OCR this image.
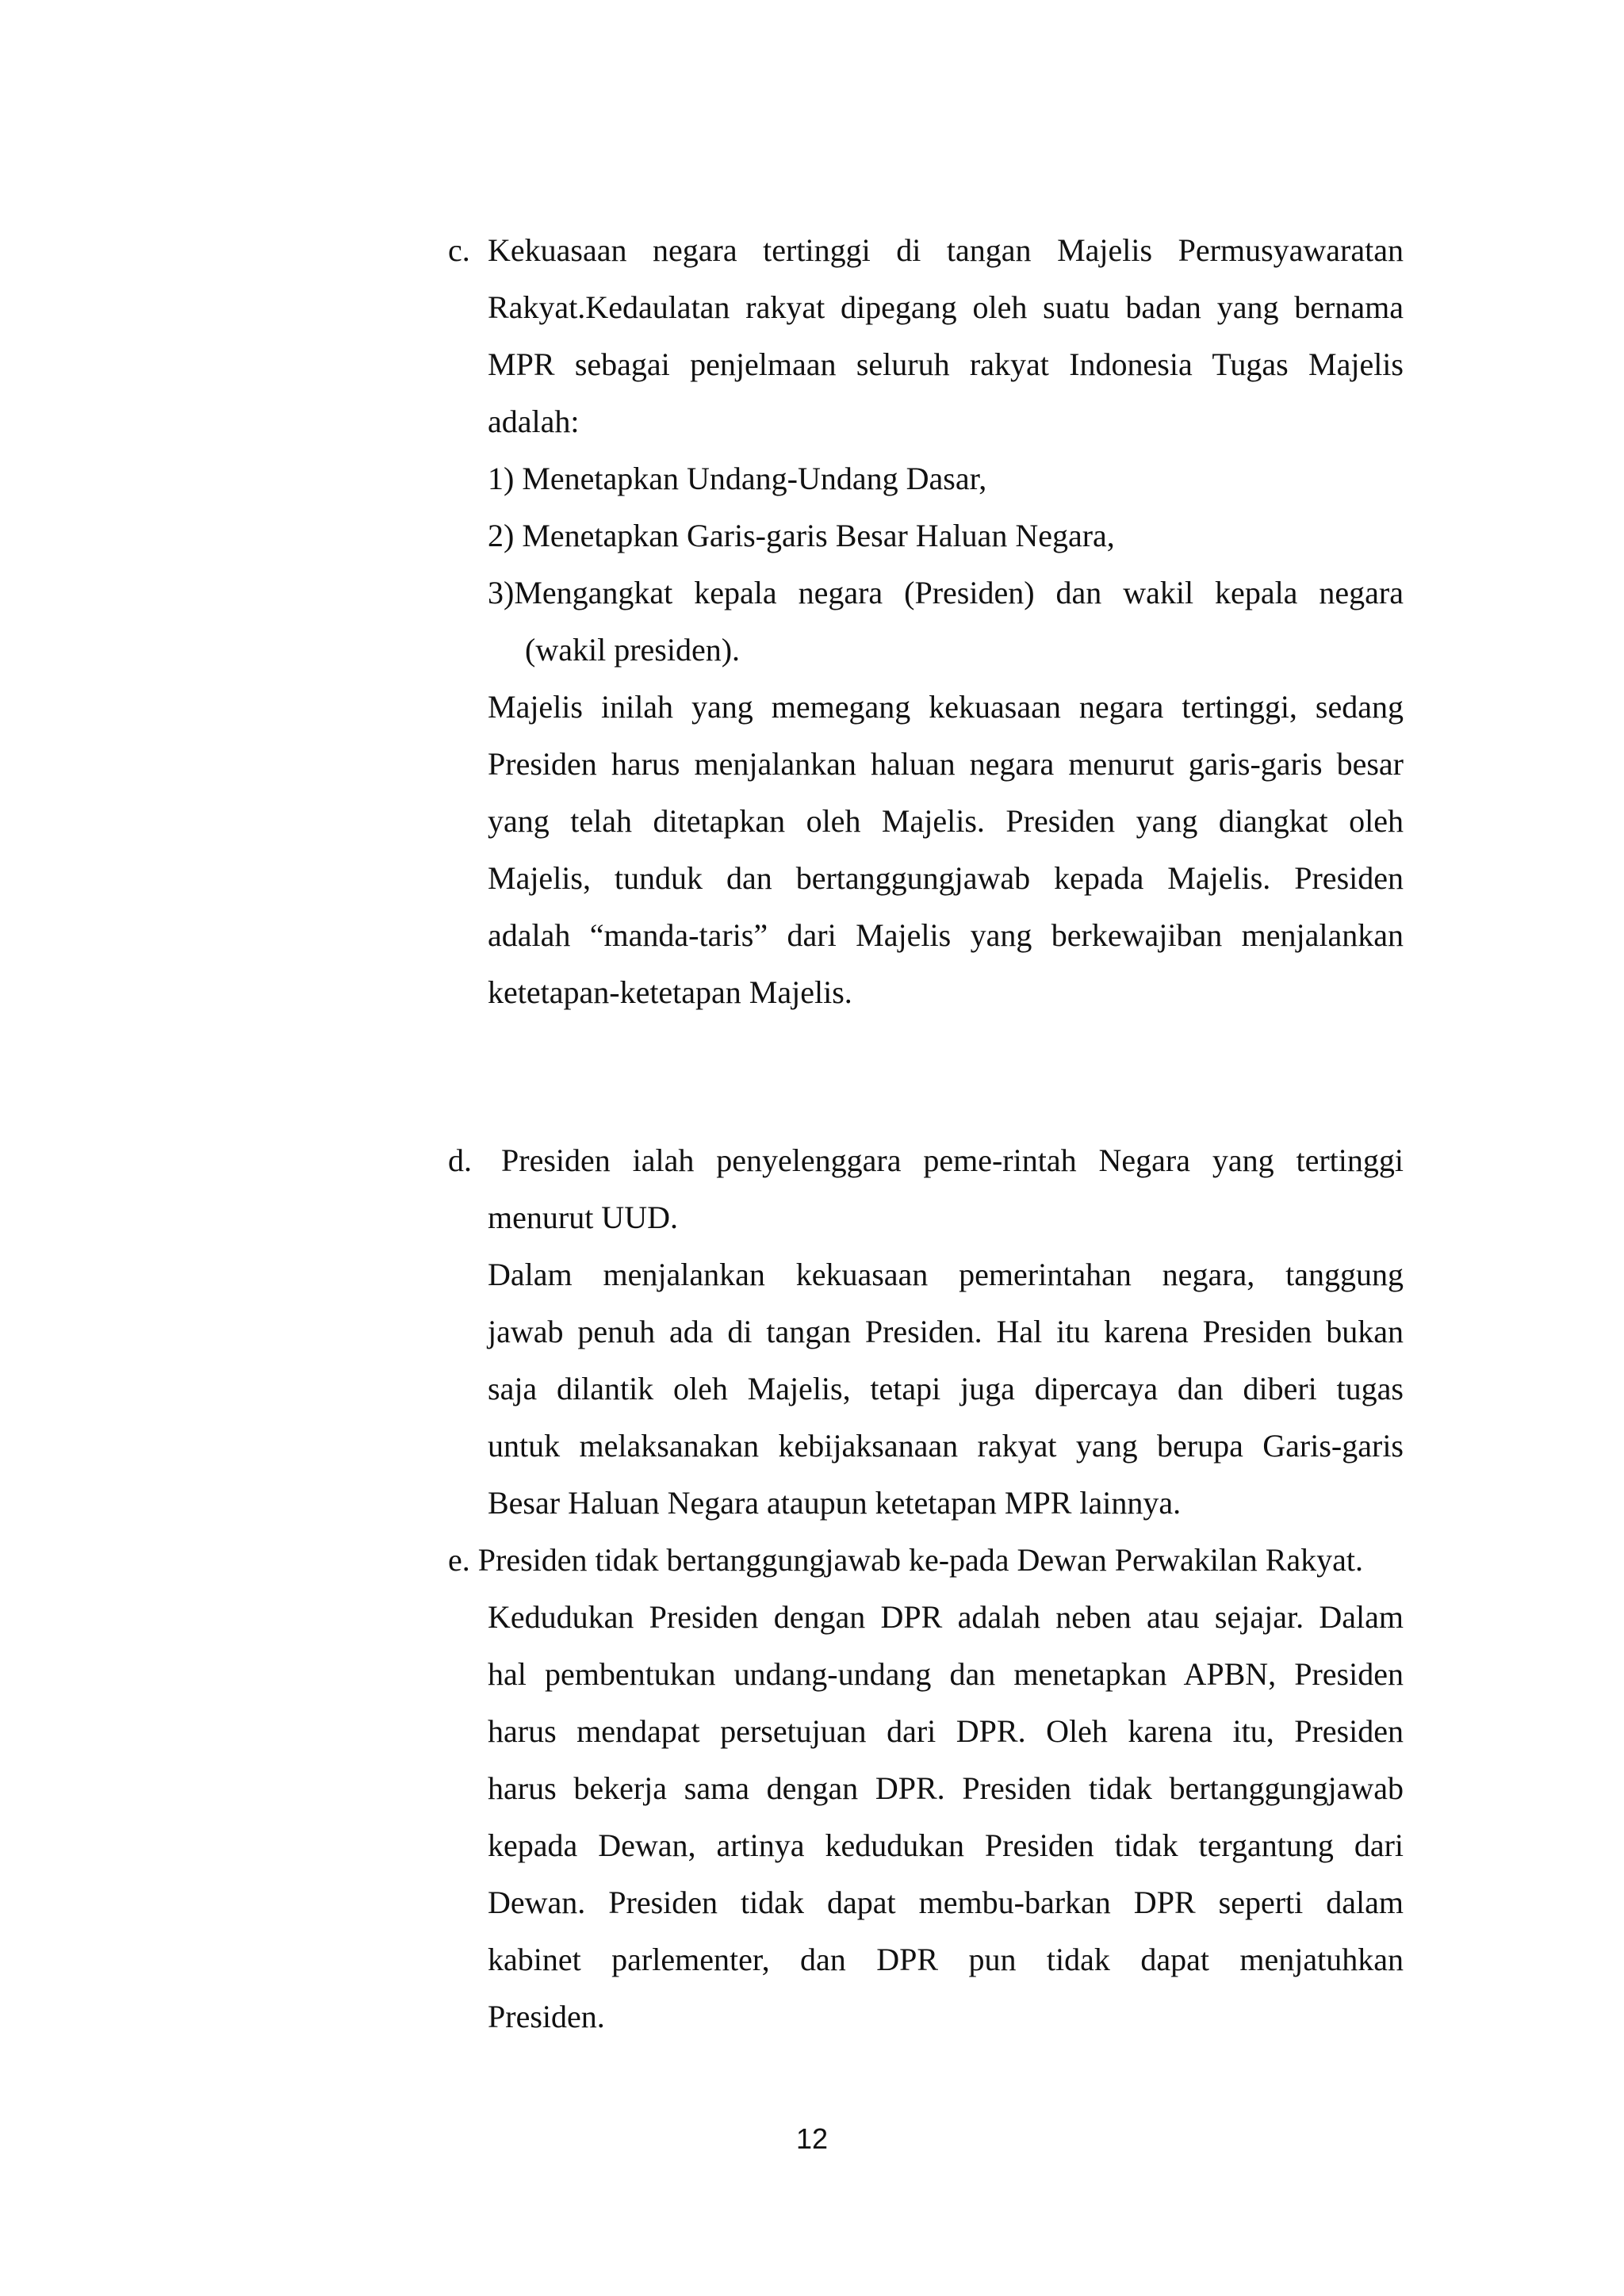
c. Kekuasaan negara tertinggi di tangan Majelis Permusyawaratan

Rakyat.Kedaulatan rakyat dipegang oleh suatu badan yang bernama

MPR sebagai penjelmaan seluruh rakyat Indonesia Tugas Majelis

adalah:

1) Menetapkan Undang-Undang Dasar,

2) Menetapkan Garis-garis Besar Haluan Negara,

3)Mengangkat kepala negara (Presiden) dan wakil kepala negara

(wakil presiden).

Majelis inilah yang memegang kekuasaan negara tertinggi, sedang

Presiden harus menjalankan haluan negara menurut garis-garis besar

yang telah ditetapkan oleh Majelis. Presiden yang diangkat oleh

Majelis, tunduk dan bertanggungjawab kepada Majelis. Presiden

adalah “manda-taris” dari Majelis yang berkewajiban menjalankan

ketetapan-ketetapan Majelis.

d. Presiden ialah penyelenggara peme-rintah Negara yang tertinggi

menurut UUD.

Dalam menjalankan kekuasaan pemerintahan negara, tanggung

jawab penuh ada di tangan Presiden. Hal itu karena Presiden bukan

saja dilantik oleh Majelis, tetapi juga dipercaya dan diberi tugas

untuk melaksanakan kebijaksanaan rakyat yang berupa Garis-garis

Besar Haluan Negara ataupun ketetapan MPR lainnya.

e. Presiden tidak bertanggungjawab ke-pada Dewan Perwakilan Rakyat.

Kedudukan Presiden dengan DPR adalah neben atau sejajar. Dalam

hal pembentukan undang-undang dan menetapkan APBN, Presiden

harus mendapat persetujuan dari DPR. Oleh karena itu, Presiden

harus bekerja sama dengan DPR. Presiden tidak bertanggungjawab

kepada Dewan, artinya kedudukan Presiden tidak tergantung dari

Dewan. Presiden tidak dapat membu-barkan DPR seperti dalam

kabinet parlementer, dan DPR pun tidak dapat menjatuhkan

Presiden.

12
